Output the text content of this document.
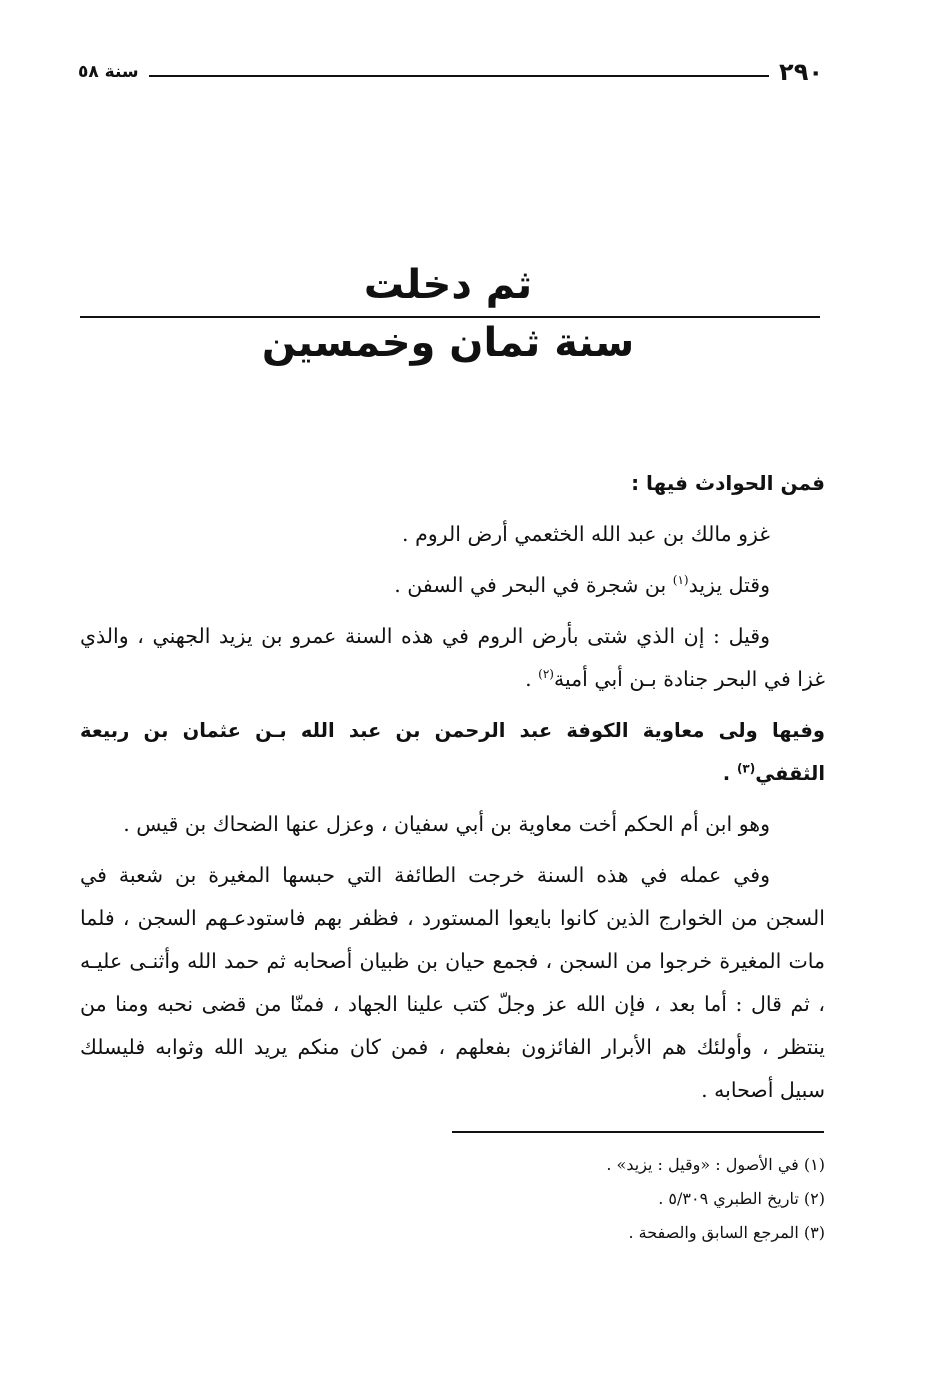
٢٩٠
سنة ٥٨
ثم دخلت
سنة ثمان وخمسين

فمن الحوادث فيها :

غزو مالك بن عبد الله الخثعمي أرض الروم .

وقتل يزيد$^{(١)}$ بن شجرة في البحر في السفن .

وقيل : إن الذي شتى بأرض الروم في هذه السنة عمرو بن يزيد الجهني ، والذي غزا في البحر جنادة بـن أبي أمية$^{(٢)}$ .

وفيها ولى معاوية الكوفة عبد الرحمن بن عبد الله بـن عثمان بن ربيعة الثقفي$^{(٣)}$ .

وهو ابن أم الحكم أخت معاوية بن أبي سفيان ، وعزل عنها الضحاك بن قيس .

وفي عمله في هذه السنة خرجت الطائفة التي حبسها المغيرة بن شعبة في السجن من الخوارج الذين كانوا بايعوا المستورد ، فظفر بهم فاستودعـهم السجن ، فلما مات المغيرة خرجوا من السجن ، فجمع حيان بن ظبيان أصحابه ثم حمد الله وأثنـى عليـه ، ثم قال : أما بعد ، فإن الله عز وجلّ كتب علينا الجهاد ، فمنّا من قضى نحبه ومنا من ينتظر ، وأولئك هم الأبرار الفائزون بفعلهم ، فمن كان منكم يريد الله وثوابه فليسلك سبيل أصحابه .

(١) في الأصول : «وقيل : يزيد» .
(٢) تاريخ الطبري ٥/٣٠٩ .
(٣) المرجع السابق والصفحة .
